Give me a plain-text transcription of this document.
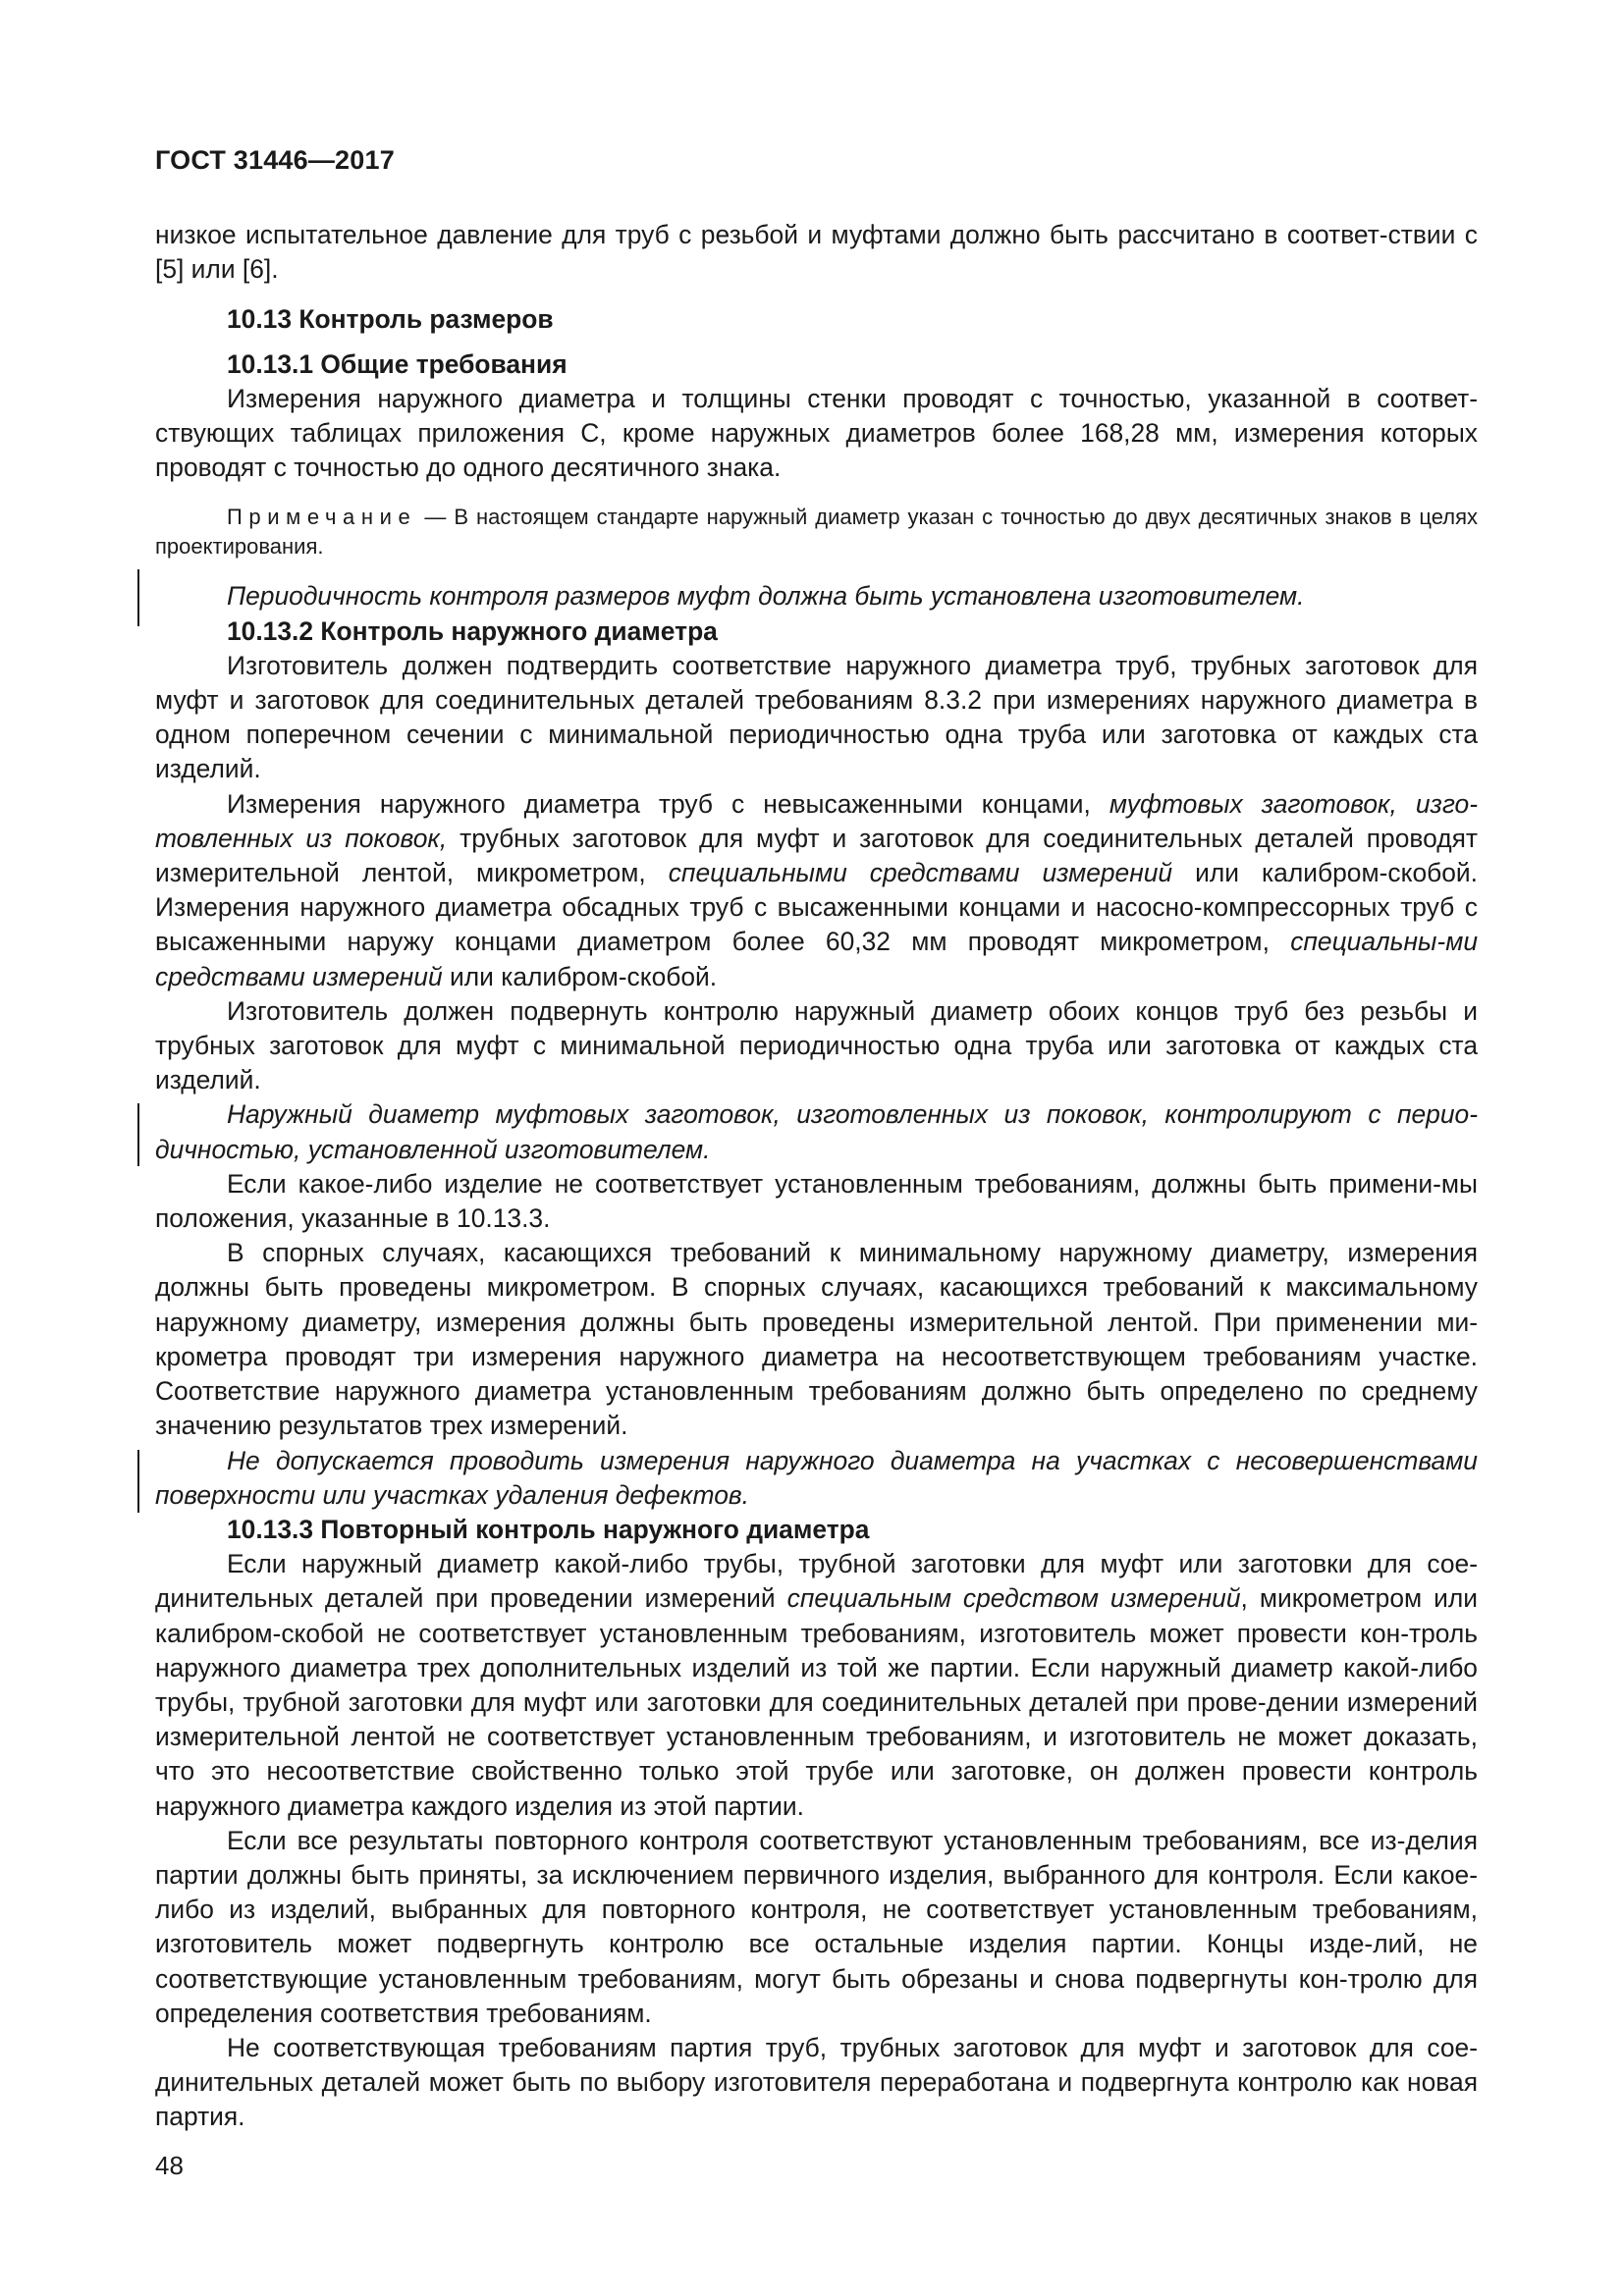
ГОСТ 31446—2017

низкое испытательное давление для труб с резьбой и муфтами должно быть рассчитано в соответ-ствии с [5] или [6].

10.13 Контроль размеров

10.13.1 Общие требования

Измерения наружного диаметра и толщины стенки проводят с точностью, указанной в соответ-ствующих таблицах приложения С, кроме наружных диаметров более 168,28 мм, измерения которых проводят с точностью до одного десятичного знака.

Примечание — В настоящем стандарте наружный диаметр указан с точностью до двух десятичных знаков в целях проектирования.

Периодичность контроля размеров муфт должна быть установлена изготовителем.

10.13.2 Контроль наружного диаметра

Изготовитель должен подтвердить соответствие наружного диаметра труб, трубных заготовок для муфт и заготовок для соединительных деталей требованиям 8.3.2 при измерениях наружного диаметра в одном поперечном сечении с минимальной периодичностью одна труба или заготовка от каждых ста изделий.

Измерения наружного диаметра труб с невысаженными концами, муфтовых заготовок, изго-товленных из поковок, трубных заготовок для муфт и заготовок для соединительных деталей проводят измерительной лентой, микрометром, специальными средствами измерений или калибром-скобой. Измерения наружного диаметра обсадных труб с высаженными концами и насосно-компрессорных труб с высаженными наружу концами диаметром более 60,32 мм проводят микрометром, специальны-ми средствами измерений или калибром-скобой.

Изготовитель должен подвернуть контролю наружный диаметр обоих концов труб без резьбы и трубных заготовок для муфт с минимальной периодичностью одна труба или заготовка от каждых ста изделий.

Наружный диаметр муфтовых заготовок, изготовленных из поковок, контролируют с перио-дичностью, установленной изготовителем.

Если какое-либо изделие не соответствует установленным требованиям, должны быть примени-мы положения, указанные в 10.13.3.

В спорных случаях, касающихся требований к минимальному наружному диаметру, измерения должны быть проведены микрометром. В спорных случаях, касающихся требований к максимальному наружному диаметру, измерения должны быть проведены измерительной лентой. При применении ми-крометра проводят три измерения наружного диаметра на несоответствующем требованиям участке. Соответствие наружного диаметра установленным требованиям должно быть определено по среднему значению результатов трех измерений.

Не допускается проводить измерения наружного диаметра на участках с несовершенствами поверхности или участках удаления дефектов.

10.13.3 Повторный контроль наружного диаметра

Если наружный диаметр какой-либо трубы, трубной заготовки для муфт или заготовки для сое-динительных деталей при проведении измерений специальным средством измерений, микрометром или калибром-скобой не соответствует установленным требованиям, изготовитель может провести кон-троль наружного диаметра трех дополнительных изделий из той же партии. Если наружный диаметр какой-либо трубы, трубной заготовки для муфт или заготовки для соединительных деталей при прове-дении измерений измерительной лентой не соответствует установленным требованиям, и изготовитель не может доказать, что это несоответствие свойственно только этой трубе или заготовке, он должен провести контроль наружного диаметра каждого изделия из этой партии.

Если все результаты повторного контроля соответствуют установленным требованиям, все из-делия партии должны быть приняты, за исключением первичного изделия, выбранного для контроля. Если какое-либо из изделий, выбранных для повторного контроля, не соответствует установленным требованиям, изготовитель может подвергнуть контролю все остальные изделия партии. Концы изде-лий, не соответствующие установленным требованиям, могут быть обрезаны и снова подвергнуты кон-тролю для определения соответствия требованиям.

Не соответствующая требованиям партия труб, трубных заготовок для муфт и заготовок для сое-динительных деталей может быть по выбору изготовителя переработана и подвергнута контролю как новая партия.

48
